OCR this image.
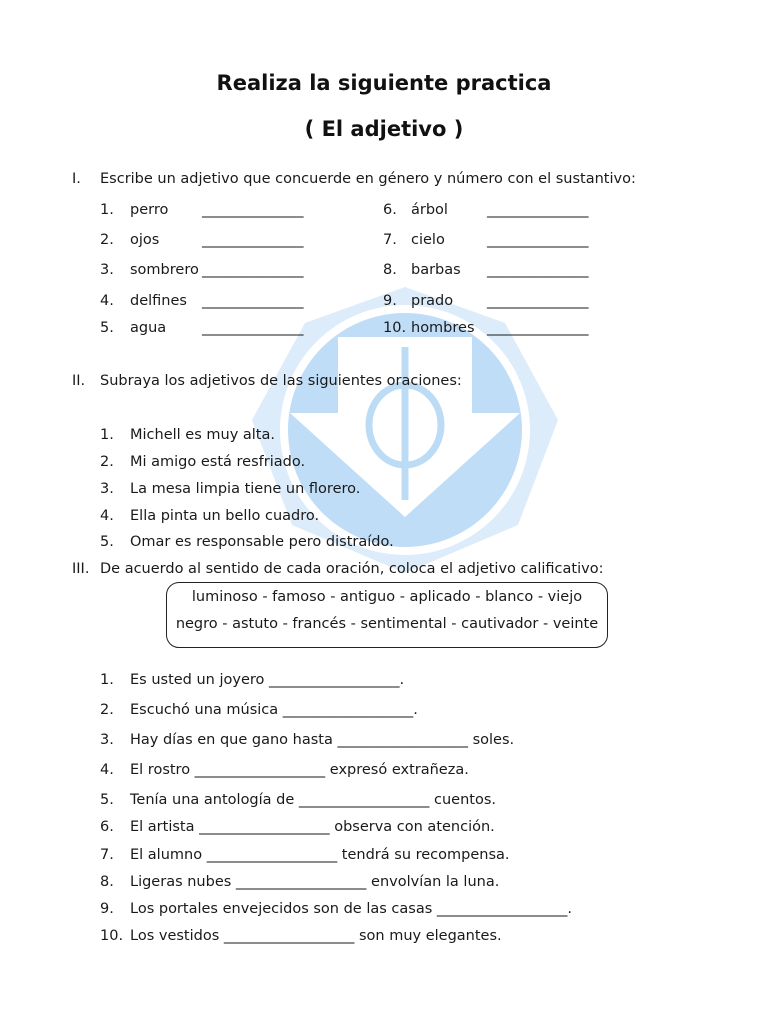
Realiza la siguiente practica
( El adjetivo )
I. Escribe un adjetivo que concuerde en género y número con el sustantivo:
1. perro ______________	6. árbol	______________
2. ojos	______________	7. cielo	______________
3. sombrero ______________	8. barbas ______________
4. delfines ______________	9. prado ______________
5. agua ______________	10. hombres ______________
II. Subraya los adjetivos de las siguientes oraciones:
1. Michell es muy alta.
2. Mi amigo está resfriado.
3. La mesa limpia tiene un florero.
4. Ella pinta un bello cuadro.
5. Omar es responsable pero distraído.
III. De acuerdo al sentido de cada oración, coloca el adjetivo calificativo:
luminoso - famoso - antiguo - aplicado - blanco - viejo
negro - astuto - francés - sentimental - cautivador - veinte
1. Es usted un joyero __________________.
2. Escuchó una música __________________.
3. Hay días en que gano hasta __________________ soles.
4. El rostro __________________ expresó extrañeza.
5. Tenía una antología de __________________ cuentos.
6. El artista __________________ observa con atención.
7. El alumno __________________ tendrá su recompensa.
8. Ligeras nubes __________________ envolvían la luna.
9. Los portales envejecidos son de las casas __________________.
10. Los vestidos __________________ son muy elegantes.
